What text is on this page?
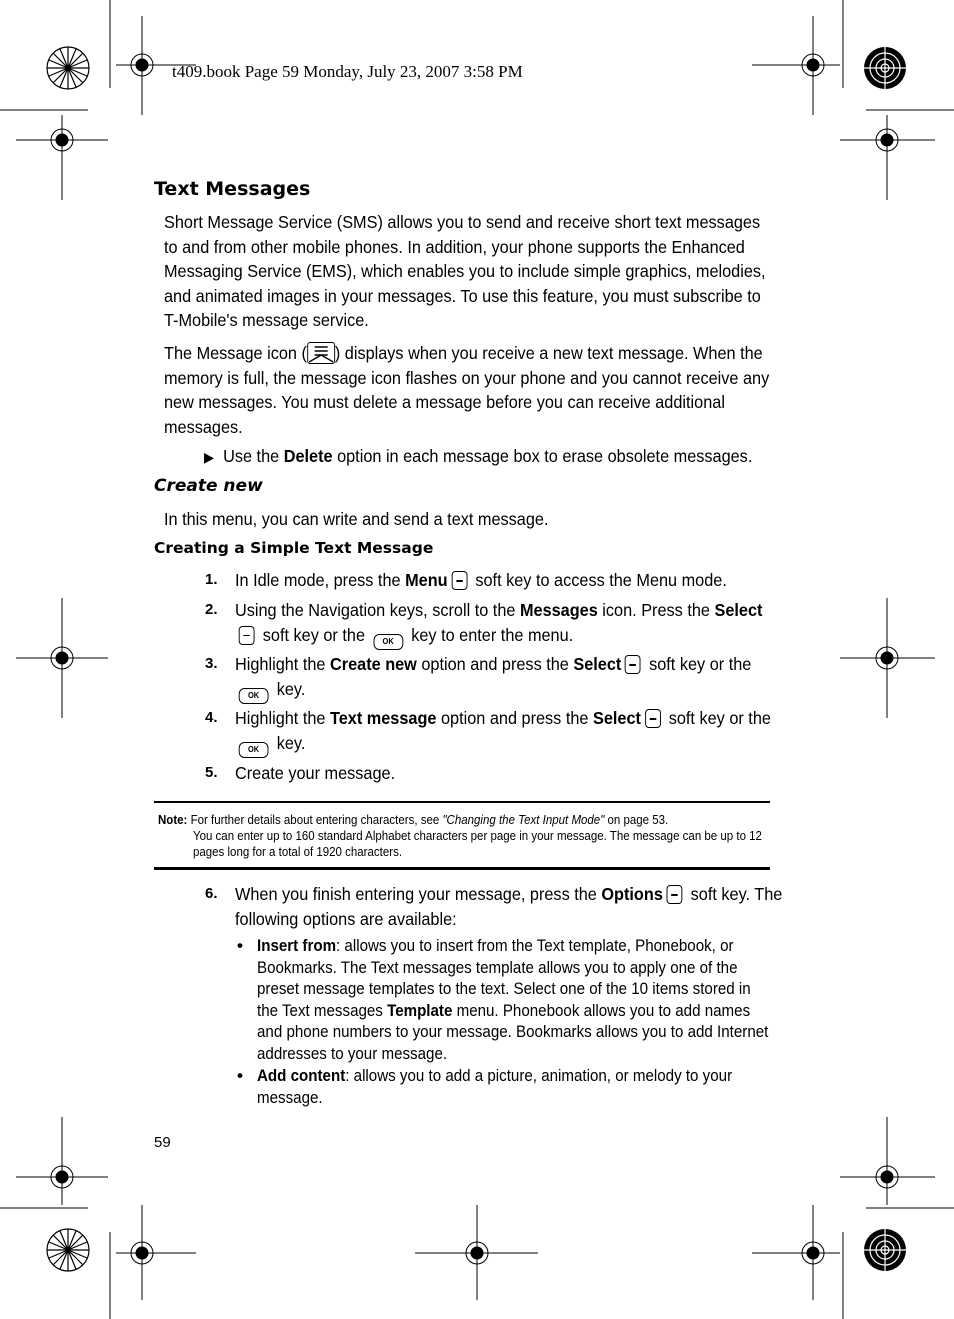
t409.book Page 59 Monday, July 23, 2007 3:58 PM
Text Messages
Short Message Service (SMS) allows you to send and receive short text messages to and from other mobile phones. In addition, your phone supports the Enhanced Messaging Service (EMS), which enables you to include simple graphics, melodies, and animated images in your messages. To use this feature, you must subscribe to T-Mobile's message service.
The Message icon ( ) displays when you receive a new text message. When the memory is full, the message icon flashes on your phone and you cannot receive any new messages. You must delete a message before you can receive additional messages.
▶ Use the Delete option in each message box to erase obsolete messages.
Create new
In this menu, you can write and send a text message.
Creating a Simple Text Message
1. In Idle mode, press the Menu soft key to access the Menu mode.
2. Using the Navigation keys, scroll to the Messages icon. Press the Select
soft key or the OK key to enter the menu.
3. Highlight the Create new option and press the Select soft key or the
OK key.
4. Highlight the Text message option and press the Select soft key or the OK key.
5. Create your message.
Note: For further details about entering characters, see "Changing the Text Input Mode" on page 53.
You can enter up to 160 standard Alphabet characters per page in your message. The message can be up to 12 pages long for a total of 1920 characters.
6. When you finish entering your message, press the Options soft key. The following options are available:
• Insert from: allows you to insert from the Text template, Phonebook, or Bookmarks. The Text messages template allows you to apply one of the preset message templates to the text. Select one of the 10 items stored in the Text messages Template menu. Phonebook allows you to add names and phone numbers to your message. Bookmarks allows you to add Internet addresses to your message.
• Add content: allows you to add a picture, animation, or melody to your message.
59
